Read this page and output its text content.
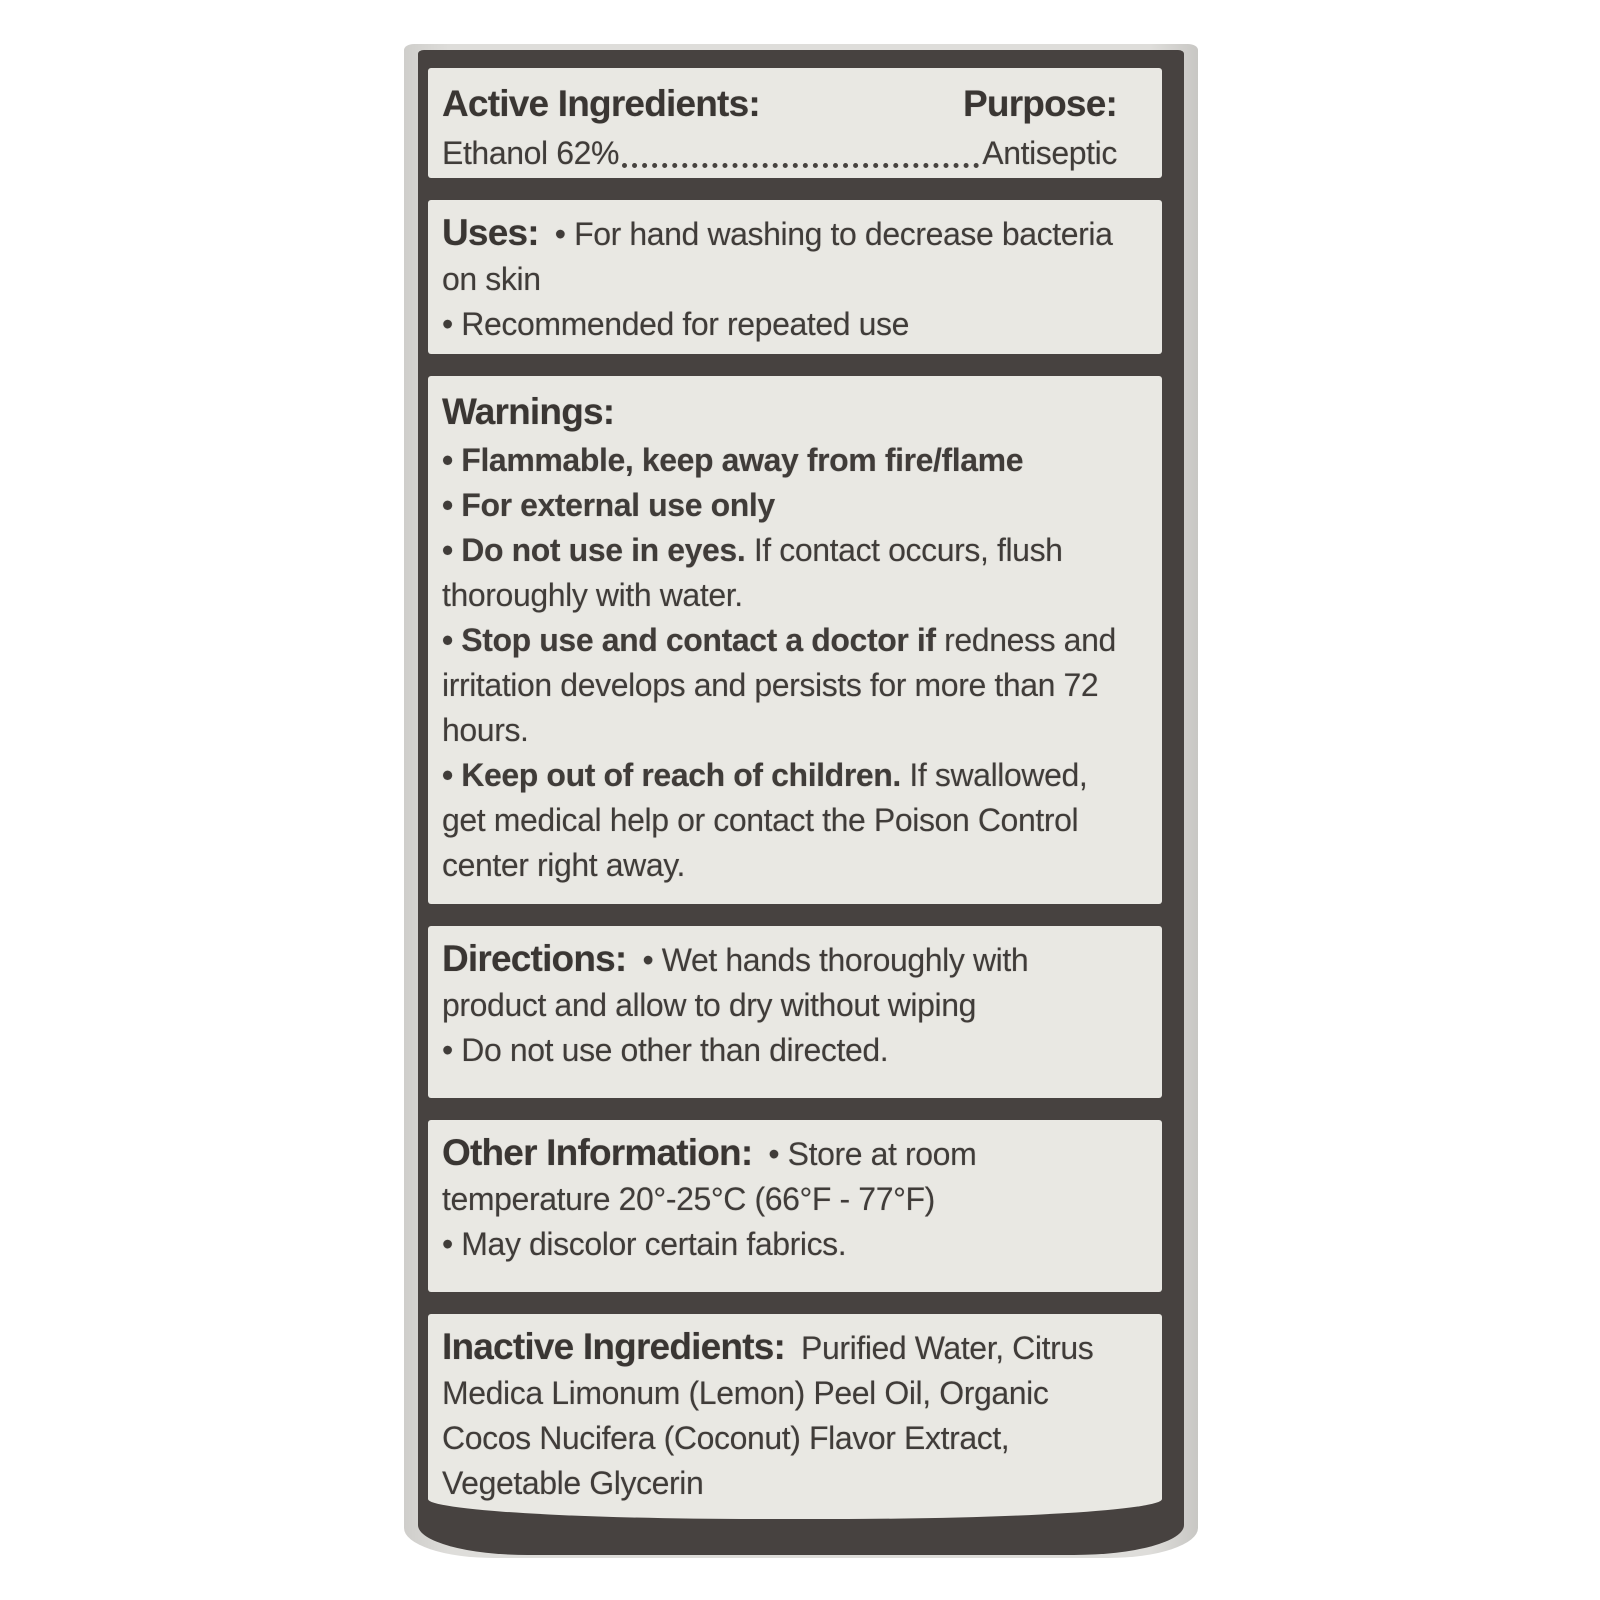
Active Ingredients:	Purpose:
Ethanol 62%	Antiseptic

Uses: • For hand washing to decrease bacteria on skin

• Recommended for repeated use

Warnings:

• Flammable, keep away from fire/flame

• For external use only

• Do not use in eyes. If contact occurs, flush thoroughly with water.

• Stop use and contact a doctor if redness and irritation develops and persists for more than 72 hours.

• Keep out of reach of children. If swallowed, get medical help or contact the Poison Control center right away.

Directions: • Wet hands thoroughly with product and allow to dry without wiping

• Do not use other than directed.

Other Information: • Store at room temperature 20°-25°C (66°F - 77°F)

• May discolor certain fabrics.

Inactive Ingredients: Purified Water, Citrus Medica Limonum (Lemon) Peel Oil, Organic Cocos Nucifera (Coconut) Flavor Extract, Vegetable Glycerin
